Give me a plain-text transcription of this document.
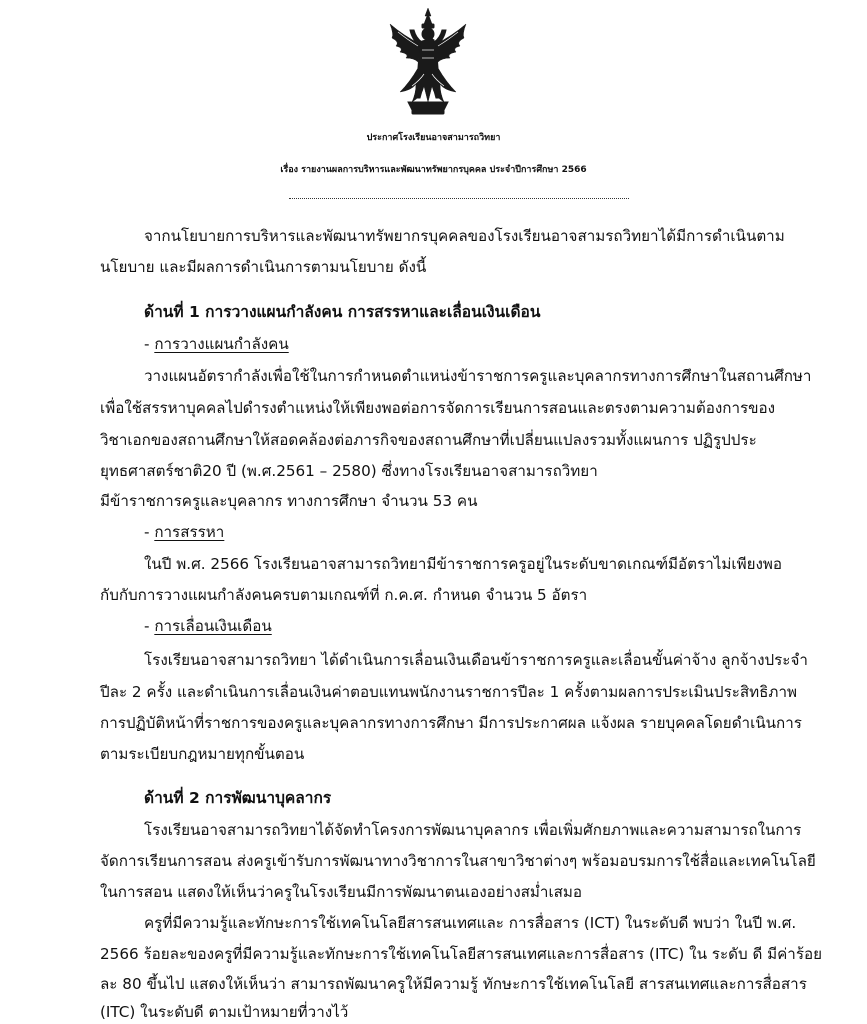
ประกาศโรงเรียนอาจสามารถวิทยา
เรื่อง รายงานผลการบริหารและพัฒนาทรัพยากรบุคคล ประจำปีการศึกษา 2566
จากนโยบายการบริหารและพัฒนาทรัพยากรบุคคลของโรงเรียนอาจสามรถวิทยาได้มีการดำเนินตาม
นโยบาย และมีผลการดำเนินการตามนโยบาย ดังนี้
ด้านที่ 1 การวางแผนกำลังคน การสรรหาและเลื่อนเงินเดือน
- การวางแผนกำลังคน
วางแผนอัตรากำลังเพื่อใช้ในการกำหนดตำแหน่งข้าราชการครูและบุคลากรทางการศึกษาในสถานศึกษา
เพื่อใช้สรรหาบุคคลไปดำรงตำแหน่งให้เพียงพอต่อการจัดการเรียนการสอนและตรงตามความต้องการของ
วิชาเอกของสถานศึกษาให้สอดคล้องต่อภารกิจของสถานศึกษาที่เปลี่ยนแปลงรวมทั้งแผนการ ปฏิรูปประ
ยุทธศาสตร์ชาติ20 ปี (พ.ศ.2561 – 2580) ซึ่งทางโรงเรียนอาจสามารถวิทยา
มีข้าราชการครูและบุคลากร ทางการศึกษา จำนวน 53 คน
- การสรรหา
ในปี พ.ศ. 2566 โรงเรียนอาจสามารถวิทยามีข้าราชการครูอยู่ในระดับขาดเกณฑ์มีอัตราไม่เพียงพอ
กับกับการวางแผนกำลังคนครบตามเกณฑ์ที่ ก.ค.ศ. กำหนด จำนวน 5 อัตรา
- การเลื่อนเงินเดือน
โรงเรียนอาจสามารถวิทยา ได้ดำเนินการเลื่อนเงินเดือนข้าราชการครูและเลื่อนขั้นค่าจ้าง ลูกจ้างประจำ
ปีละ 2 ครั้ง และดำเนินการเลื่อนเงินค่าตอบแทนพนักงานราชการปีละ 1 ครั้งตามผลการประเมินประสิทธิภาพ
การปฏิบัติหน้าที่ราชการของครูและบุคลากรทางการศึกษา มีการประกาศผล แจ้งผล รายบุคคลโดยดำเนินการ
ตามระเบียบกฎหมายทุกขั้นตอน
ด้านที่ 2 การพัฒนาบุคลากร
โรงเรียนอาจสามารถวิทยาได้จัดทำโครงการพัฒนาบุคลากร เพื่อเพิ่มศักยภาพและความสามารถในการ
จัดการเรียนการสอน ส่งครูเข้ารับการพัฒนาทางวิชาการในสาขาวิชาต่างๆ พร้อมอบรมการใช้สื่อและเทคโนโลยี
ในการสอน แสดงให้เห็นว่าครูในโรงเรียนมีการพัฒนาตนเองอย่างสม่ำเสมอ
ครูที่มีความรู้และทักษะการใช้เทคโนโลยีสารสนเทศและ การสื่อสาร (ICT) ในระดับดี พบว่า ในปี พ.ศ.
2566 ร้อยละของครูที่มีความรู้และทักษะการใช้เทคโนโลยีสารสนเทศและการสื่อสาร (ITC) ใน ระดับ ดี มีค่าร้อย
ละ 80 ขึ้นไป แสดงให้เห็นว่า สามารถพัฒนาครูให้มีความรู้ ทักษะการใช้เทคโนโลยี สารสนเทศและการสื่อสาร
(ITC) ในระดับดี ตามเป้าหมายที่วางไว้
